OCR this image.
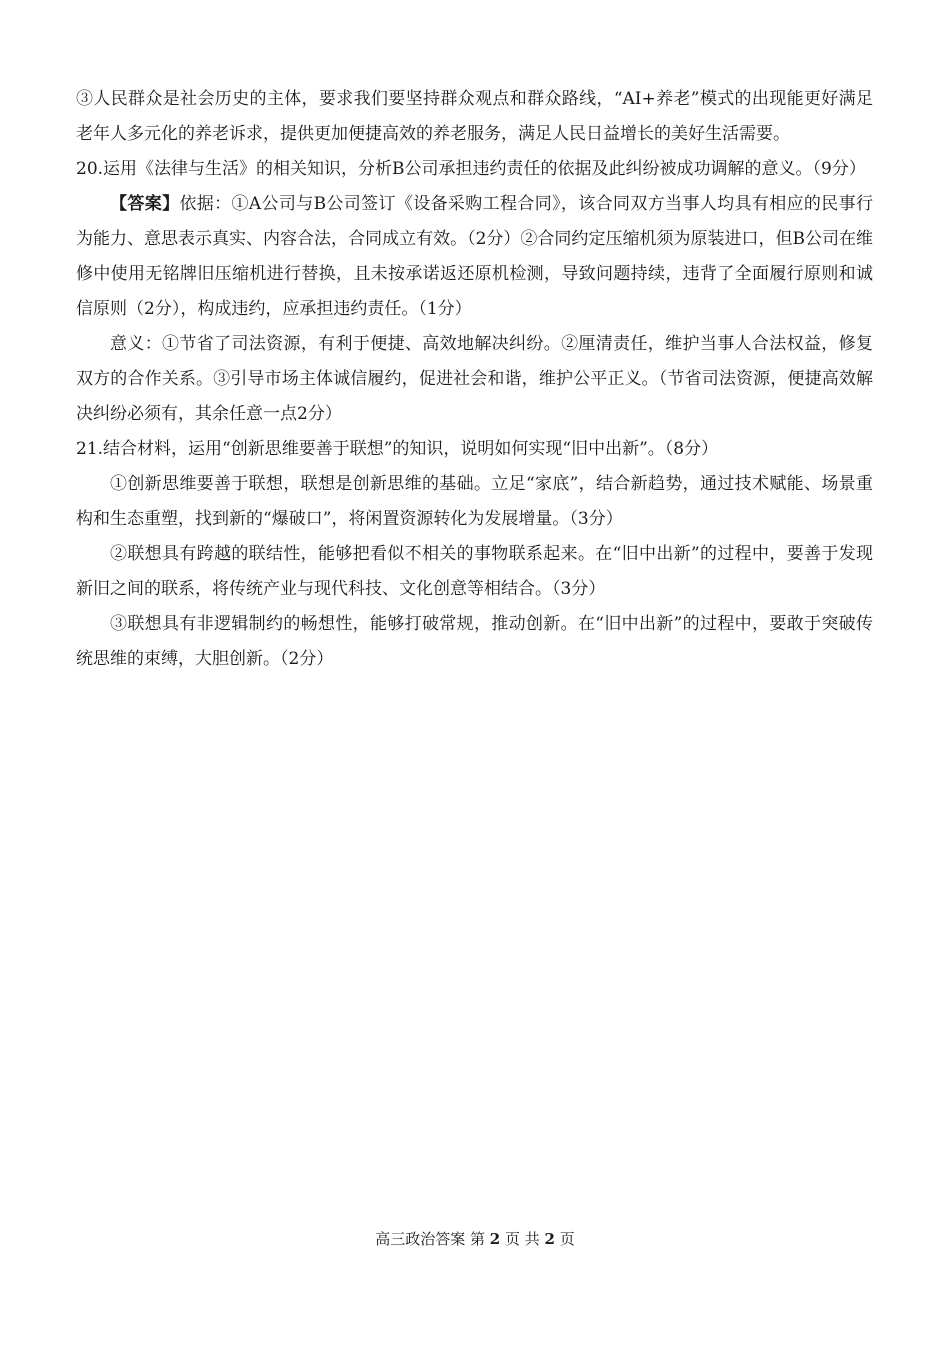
③人民群众是社会历史的主体，要求我们要坚持群众观点和群众路线，“AI+养老”模式的出现能更好满足老年人多元化的养老诉求，提供更加便捷高效的养老服务，满足人民日益增长的美好生活需要。

20.运用《法律与生活》的相关知识，分析B公司承担违约责任的依据及此纠纷被成功调解的意义。（9分）

【答案】依据：①A公司与B公司签订《设备采购工程合同》，该合同双方当事人均具有相应的民事行为能力、意思表示真实、内容合法，合同成立有效。（2分）②合同约定压缩机须为原装进口，但B公司在维修中使用无铭牌旧压缩机进行替换，且未按承诺返还原机检测，导致问题持续，违背了全面履行原则和诚信原则（2分），构成违约，应承担违约责任。（1分）

意义：①节省了司法资源，有利于便捷、高效地解决纠纷。②厘清责任，维护当事人合法权益，修复双方的合作关系。③引导市场主体诚信履约，促进社会和谐，维护公平正义。（节省司法资源，便捷高效解决纠纷必须有，其余任意一点2分）

21.结合材料，运用“创新思维要善于联想”的知识，说明如何实现“旧中出新”。（8分）

①创新思维要善于联想，联想是创新思维的基础。立足“家底”，结合新趋势，通过技术赋能、场景重构和生态重塑，找到新的“爆破口”，将闲置资源转化为发展增量。（3分）

②联想具有跨越的联结性，能够把看似不相关的事物联系起来。在“旧中出新”的过程中，要善于发现新旧之间的联系，将传统产业与现代科技、文化创意等相结合。（3分）

③联想具有非逻辑制约的畅想性，能够打破常规，推动创新。在“旧中出新”的过程中，要敢于突破传统思维的束缚，大胆创新。（2分）

高三政治答案 第 2 页 共 2 页
